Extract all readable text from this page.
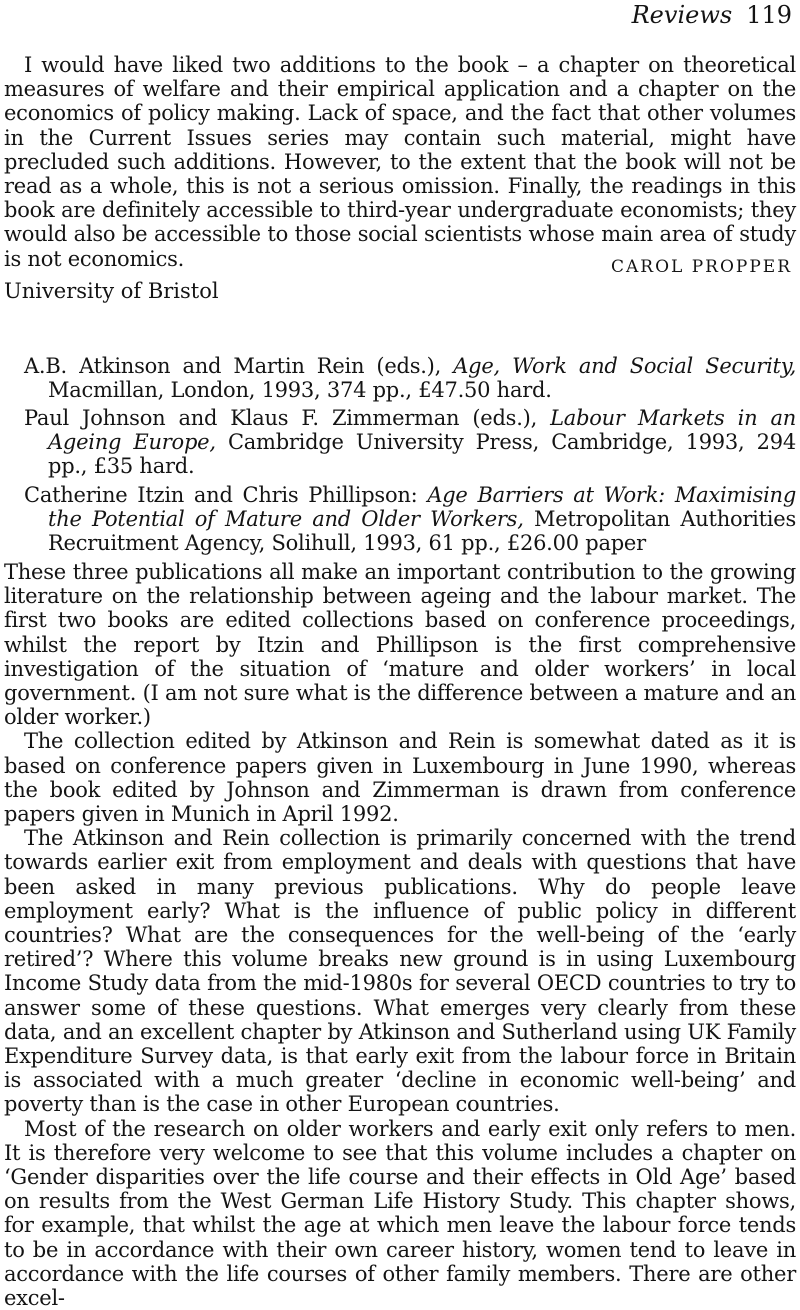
Reviews 119

I would have liked two additions to the book – a chapter on theoretical measures of welfare and their empirical application and a chapter on the economics of policy making. Lack of space, and the fact that other volumes in the Current Issues series may contain such material, might have precluded such additions. However, to the extent that the book will not be read as a whole, this is not a serious omission. Finally, the readings in this book are definitely accessible to third-year undergraduate economists; they would also be accessible to those social scientists whose main area of study is not economics.	CAROL PROPPER
University of Bristol

A.B. Atkinson and Martin Rein (eds.), Age, Work and Social Security, Macmillan, London, 1993, 374 pp., £47.50 hard.

Paul Johnson and Klaus F. Zimmerman (eds.), Labour Markets in an Ageing Europe, Cambridge University Press, Cambridge, 1993, 294 pp., £35 hard.

Catherine Itzin and Chris Phillipson: Age Barriers at Work: Maximising the Potential of Mature and Older Workers, Metropolitan Authorities Recruitment Agency, Solihull, 1993, 61 pp., £26.00 paper

These three publications all make an important contribution to the growing literature on the relationship between ageing and the labour market. The first two books are edited collections based on conference proceedings, whilst the report by Itzin and Phillipson is the first comprehensive investigation of the situation of ‘mature and older workers’ in local government. (I am not sure what is the difference between a mature and an older worker.)

The collection edited by Atkinson and Rein is somewhat dated as it is based on conference papers given in Luxembourg in June 1990, whereas the book edited by Johnson and Zimmerman is drawn from conference papers given in Munich in April 1992.

The Atkinson and Rein collection is primarily concerned with the trend towards earlier exit from employment and deals with questions that have been asked in many previous publications. Why do people leave employment early? What is the influence of public policy in different countries? What are the consequences for the well-being of the ‘early retired’? Where this volume breaks new ground is in using Luxembourg Income Study data from the mid-1980s for several OECD countries to try to answer some of these questions. What emerges very clearly from these data, and an excellent chapter by Atkinson and Sutherland using UK Family Expenditure Survey data, is that early exit from the labour force in Britain is associated with a much greater ‘decline in economic well-being’ and poverty than is the case in other European countries.

Most of the research on older workers and early exit only refers to men. It is therefore very welcome to see that this volume includes a chapter on ‘Gender disparities over the life course and their effects in Old Age’ based on results from the West German Life History Study. This chapter shows, for example, that whilst the age at which men leave the labour force tends to be in accordance with their own career history, women tend to leave in accordance with the life courses of other family members. There are other excel-
